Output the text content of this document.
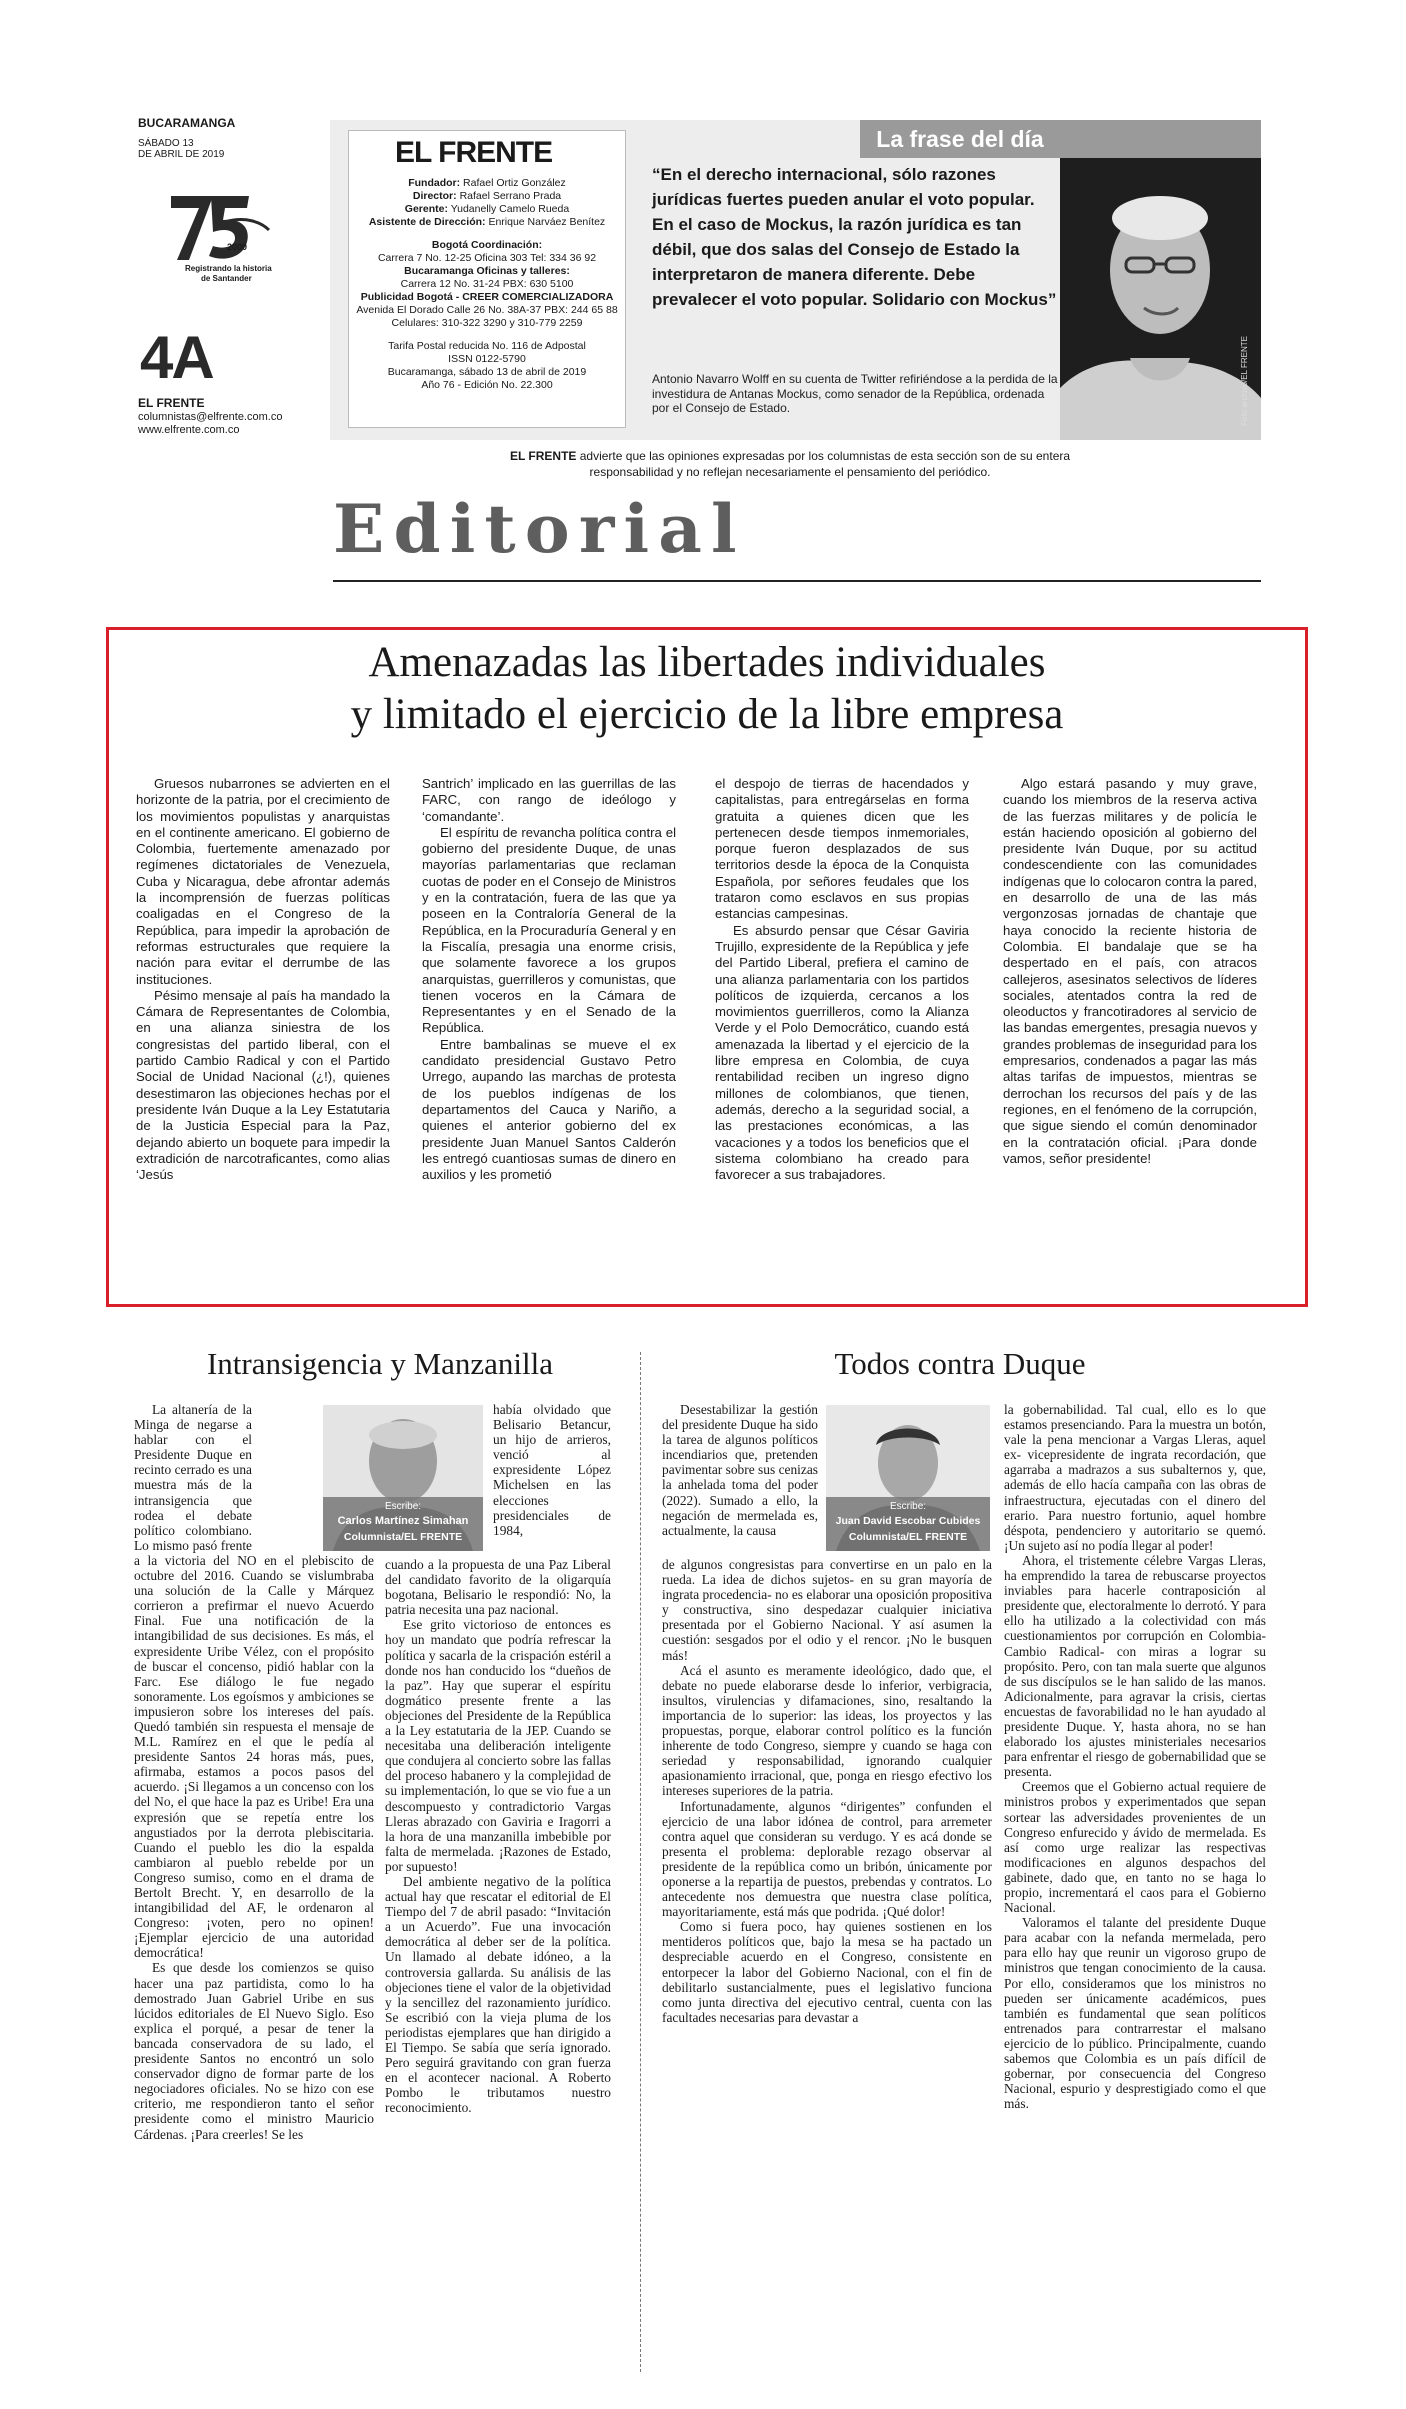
BUCARAMANGA
SÁBADO 13
DE ABRIL DE 2019
2000
Registrando la historia
de Santander
4A
EL FRENTE
columnistas@elfrente.com.co
www.elfrente.com.co
EL FRENTE
Fundador: Rafael Ortiz González
Director: Rafael Serrano Prada
Gerente: Yudanelly Camelo Rueda
Asistente de Dirección: Enrique Narváez Benítez
Bogotá Coordinación:
Carrera 7 No. 12-25 Oficina 303 Tel: 334 36 92
Bucaramanga Oficinas y talleres:
Carrera 12 No. 31-24 PBX: 630 5100
Publicidad Bogotá - CREER COMERCIALIZADORA
Avenida El Dorado Calle 26 No. 38A-37 PBX: 244 65 88
Celulares: 310-322 3290 y 310-779 2259
Tarifa Postal reducida No. 116 de Adpostal
ISSN 0122-5790
Bucaramanga, sábado 13 de abril de 2019
Año 76 - Edición No. 22.300
La frase del día
“En el derecho internacional, sólo razones jurídicas fuertes pueden anular el voto popular. En el caso de Mockus, la razón jurídica es tan débil, que dos salas del Consejo de Estado la interpretaron de manera diferente. Debe prevalecer el voto popular. Solidario con Mockus”
Antonio Navarro Wolff en su cuenta de Twitter refiriéndose a la perdida de la investidura de Antanas Mockus, como senador de la República, ordenada por el Consejo de Estado.	Foto archivo/EL FRENTE
EL FRENTE advierte que las opiniones expresadas por los columnistas de esta sección son de su entera responsabilidad y no reflejan necesariamente el pensamiento del periódico.
Editorial
Amenazadas las libertades individuales
y limitado el ejercicio de la libre empresa

Gruesos nubarrones se advierten en el horizonte de la patria, por el crecimiento de los movimientos populistas y anarquistas en el continente americano. El gobierno de Colombia, fuertemente amenazado por regímenes dictatoriales de Venezuela, Cuba y Nicaragua, debe afrontar además la incomprensión de fuerzas políticas coaligadas en el Congreso de la República, para impedir la aprobación de reformas estructurales que requiere la nación para evitar el derrumbe de las instituciones.

Pésimo mensaje al país ha mandado la Cámara de Representantes de Colombia, en una alianza siniestra de los congresistas del partido liberal, con el partido Cambio Radical y con el Partido Social de Unidad Nacional (¿!), quienes desestimaron las objeciones hechas por el presidente Iván Duque a la Ley Estatutaria de la Justicia Especial para la Paz, dejando abierto un boquete para impedir la extradición de narcotraficantes, como alias ‘Jesús

Santrich’ implicado en las guerrillas de las FARC, con rango de ideólogo y ‘comandante’.

El espíritu de revancha política contra el gobierno del presidente Duque, de unas mayorías parlamentarias que reclaman cuotas de poder en el Consejo de Ministros y en la contratación, fuera de las que ya poseen en la Contraloría General de la República, en la Procuraduría General y en la Fiscalía, presagia una enorme crisis, que solamente favorece a los grupos anarquistas, guerrilleros y comunistas, que tienen voceros en la Cámara de Representantes y en el Senado de la República.

Entre bambalinas se mueve el ex candidato presidencial Gustavo Petro Urrego, aupando las marchas de protesta de los pueblos indígenas de los departamentos del Cauca y Nariño, a quienes el anterior gobierno del ex presidente Juan Manuel Santos Calderón les entregó cuantiosas sumas de dinero en auxilios y les prometió

el despojo de tierras de hacendados y capitalistas, para entregárselas en forma gratuita a quienes dicen que les pertenecen desde tiempos inmemoriales, porque fueron desplazados de sus territorios desde la época de la Conquista Española, por señores feudales que los trataron como esclavos en sus propias estancias campesinas.

Es absurdo pensar que César Gaviria Trujillo, expresidente de la República y jefe del Partido Liberal, prefiera el camino de una alianza parlamentaria con los partidos políticos de izquierda, cercanos a los movimientos guerrilleros, como la Alianza Verde y el Polo Democrático, cuando está amenazada la libertad y el ejercicio de la libre empresa en Colombia, de cuya rentabilidad reciben un ingreso digno millones de colombianos, que tienen, además, derecho a la seguridad social, a las prestaciones económicas, a las vacaciones y a todos los beneficios que el sistema colombiano ha creado para favorecer a sus trabajadores.

Algo estará pasando y muy grave, cuando los miembros de la reserva activa de las fuerzas militares y de policía le están haciendo oposición al gobierno del presidente Iván Duque, por su actitud condescendiente con las comunidades indígenas que lo colocaron contra la pared, en desarrollo de una de las más vergonzosas jornadas de chantaje que haya conocido la reciente historia de Colombia. El bandalaje que se ha despertado en el país, con atracos callejeros, asesinatos selectivos de líderes sociales, atentados contra la red de oleoductos y francotiradores al servicio de las bandas emergentes, presagia nuevos y grandes problemas de inseguridad para los empresarios, condenados a pagar las más altas tarifas de impuestos, mientras se derrochan los recursos del país y de las regiones, en el fenómeno de la corrupción, que sigue siendo el común denominador en la contratación oficial. ¡Para donde vamos, señor presidente!

Intransigencia y Manzanilla
Escribe:
Carlos Martínez Simahan
Columnista/EL FRENTE

La altanería de la Minga de negarse a hablar con el Presidente Duque en recinto cerrado es una muestra más de la intransigencia que rodea el debate político colombiano. Lo mismo pasó frente a la victoria del NO en el plebiscito de octubre del 2016. Cuando se vislumbraba una solución de la Calle y Márquez corrieron a prefirmar el nuevo Acuerdo Final. Fue una notificación de la intangibilidad de sus decisiones. Es más, el expresidente Uribe Vélez, con el propósito de buscar el concenso, pidió hablar con la Farc. Ese diálogo le fue negado sonoramente. Los egoísmos y ambiciones se impusieron sobre los intereses del país. Quedó también sin respuesta el mensaje de M.L. Ramírez en el que le pedía al presidente Santos 24 horas más, pues, afirmaba, estamos a pocos pasos del acuerdo. ¡Si llegamos a un concenso con los del No, el que hace la paz es Uribe! Era una expresión que se repetía entre los angustiados por la derrota plebiscitaria. Cuando el pueblo les dio la espalda cambiaron al pueblo rebelde por un Congreso sumiso, como en el drama de Bertolt Brecht. Y, en desarrollo de la intangibilidad del AF, le ordenaron al Congreso: ¡voten, pero no opinen! ¡Ejemplar ejercicio de una autoridad democrática!

Es que desde los comienzos se quiso hacer una paz partidista, como lo ha demostrado Juan Gabriel Uribe en sus lúcidos editoriales de El Nuevo Siglo. Eso explica el porqué, a pesar de tener la bancada conservadora de su lado, el presidente Santos no encontró un solo conservador digno de formar parte de los negociadores oficiales. No se hizo con ese criterio, me respondieron tanto el señor presidente como el ministro Mauricio Cárdenas. ¡Para creerles! Se les

había olvidado que Belisario Betancur, un hijo de arrieros, venció al expresidente López Michelsen en las elecciones presidenciales de 1984,

cuando a la propuesta de una Paz Liberal del candidato favorito de la oligarquía bogotana, Belisario le respondió: No, la patria necesita una paz nacional.

Ese grito victorioso de entonces es hoy un mandato que podría refrescar la política y sacarla de la crispación estéril a donde nos han conducido los “dueños de la paz”. Hay que superar el espíritu dogmático presente frente a las objeciones del Presidente de la República a la Ley estatutaria de la JEP. Cuando se necesitaba una deliberación inteligente que condujera al concierto sobre las fallas del proceso habanero y la complejidad de su implementación, lo que se vio fue a un descompuesto y contradictorio Vargas Lleras abrazado con Gaviria e Iragorri a la hora de una manzanilla imbebible por falta de mermelada. ¡Razones de Estado, por supuesto!

Del ambiente negativo de la política actual hay que rescatar el editorial de El Tiempo del 7 de abril pasado: “Invitación a un Acuerdo”. Fue una invocación democrática al deber ser de la política. Un llamado al debate idóneo, a la controversia gallarda. Su análisis de las objeciones tiene el valor de la objetividad y la sencillez del razonamiento jurídico. Se escribió con la vieja pluma de los periodistas ejemplares que han dirigido a El Tiempo. Se sabía que sería ignorado. Pero seguirá gravitando con gran fuerza en el acontecer nacional. A Roberto Pombo le tributamos nuestro reconocimiento.

Todos contra Duque
Escribe:
Juan David Escobar Cubides
Columnista/EL FRENTE

Desestabilizar la gestión del presidente Duque ha sido la tarea de algunos políticos incendiarios que, pretenden pavimentar sobre sus cenizas la anhelada toma del poder (2022). Sumado a ello, la negación de mermelada es, actualmente, la causa

de algunos congresistas para convertirse en un palo en la rueda. La idea de dichos sujetos- en su gran mayoría de ingrata procedencia- no es elaborar una oposición propositiva y constructiva, sino despedazar cualquier iniciativa presentada por el Gobierno Nacional. Y así asumen la cuestión: sesgados por el odio y el rencor. ¡No le busquen más!

Acá el asunto es meramente ideológico, dado que, el debate no puede elaborarse desde lo inferior, verbigracia, insultos, virulencias y difamaciones, sino, resaltando la importancia de lo superior: las ideas, los proyectos y las propuestas, porque, elaborar control político es la función inherente de todo Congreso, siempre y cuando se haga con seriedad y responsabilidad, ignorando cualquier apasionamiento irracional, que, ponga en riesgo efectivo los intereses superiores de la patria.

Infortunadamente, algunos “dirigentes” confunden el ejercicio de una labor idónea de control, para arremeter contra aquel que consideran su verdugo. Y es acá donde se presenta el problema: deplorable rezago observar al presidente de la república como un bribón, únicamente por oponerse a la repartija de puestos, prebendas y contratos. Lo antecedente nos demuestra que nuestra clase política, mayoritariamente, está más que podrida. ¡Qué dolor!

Como si fuera poco, hay quienes sostienen en los mentideros políticos que, bajo la mesa se ha pactado un despreciable acuerdo en el Congreso, consistente en entorpecer la labor del Gobierno Nacional, con el fin de debilitarlo sustancialmente, pues el legislativo funciona como junta directiva del ejecutivo central, cuenta con las facultades necesarias para devastar a

la gobernabilidad. Tal cual, ello es lo que estamos presenciando. Para la muestra un botón, vale la pena mencionar a Vargas Lleras, aquel ex- vicepresidente de ingrata recordación, que agarraba a madrazos a sus subalternos y, que, además de ello hacía campaña con las obras de infraestructura, ejecutadas con el dinero del erario. Para nuestro fortunio, aquel hombre déspota, pendenciero y autoritario se quemó. ¡Un sujeto así no podía llegar al poder!

Ahora, el tristemente célebre Vargas Lleras, ha emprendido la tarea de rebuscarse proyectos inviables para hacerle contraposición al presidente que, electoralmente lo derrotó. Y para ello ha utilizado a la colectividad con más cuestionamientos por corrupción en Colombia- Cambio Radical- con miras a lograr su propósito. Pero, con tan mala suerte que algunos de sus discípulos se le han salido de las manos. Adicionalmente, para agravar la crisis, ciertas encuestas de favorabilidad no le han ayudado al presidente Duque. Y, hasta ahora, no se han elaborado los ajustes ministeriales necesarios para enfrentar el riesgo de gobernabilidad que se presenta.

Creemos que el Gobierno actual requiere de ministros probos y experimentados que sepan sortear las adversidades provenientes de un Congreso enfurecido y ávido de mermelada. Es así como urge realizar las respectivas modificaciones en algunos despachos del gabinete, dado que, en tanto no se haga lo propio, incrementará el caos para el Gobierno Nacional.

Valoramos el talante del presidente Duque para acabar con la nefanda mermelada, pero para ello hay que reunir un vigoroso grupo de ministros que tengan conocimiento de la causa. Por ello, consideramos que los ministros no pueden ser únicamente académicos, pues también es fundamental que sean políticos entrenados para contrarrestar el malsano ejercicio de lo público. Principalmente, cuando sabemos que Colombia es un país difícil de gobernar, por consecuencia del Congreso Nacional, espurio y desprestigiado como el que más.
